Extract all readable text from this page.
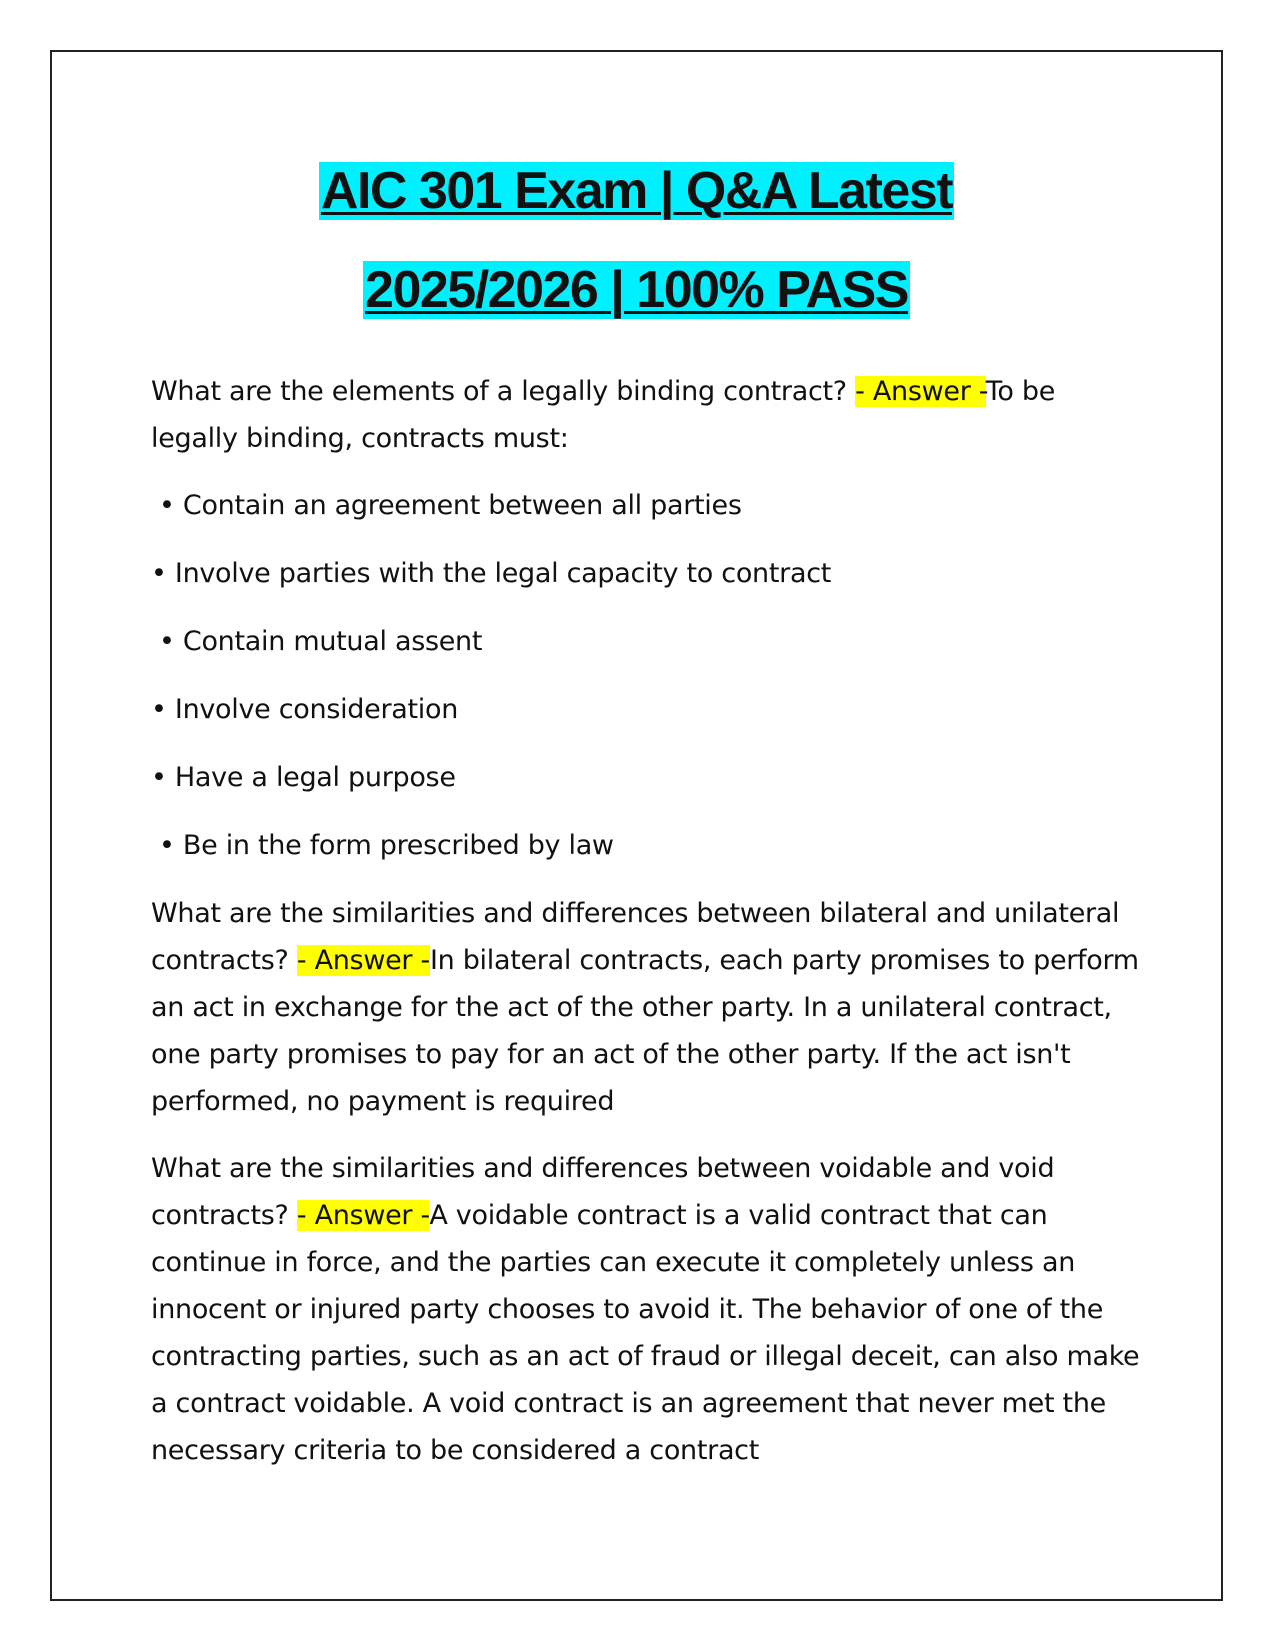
AIC 301 Exam | Q&A Latest
2025/2026 | 100% PASS
What are the elements of a legally binding contract? - Answer -To be legally binding, contracts must:
• Contain an agreement between all parties
• Involve parties with the legal capacity to contract
• Contain mutual assent
• Involve consideration
• Have a legal purpose
• Be in the form prescribed by law
What are the similarities and differences between bilateral and unilateral contracts? - Answer -In bilateral contracts, each party promises to perform an act in exchange for the act of the other party. In a unilateral contract, one party promises to pay for an act of the other party. If the act isn't performed, no payment is required
What are the similarities and differences between voidable and void contracts? - Answer -A voidable contract is a valid contract that can continue in force, and the parties can execute it completely unless an innocent or injured party chooses to avoid it. The behavior of one of the contracting parties, such as an act of fraud or illegal deceit, can also make a contract voidable. A void contract is an agreement that never met the necessary criteria to be considered a contract
